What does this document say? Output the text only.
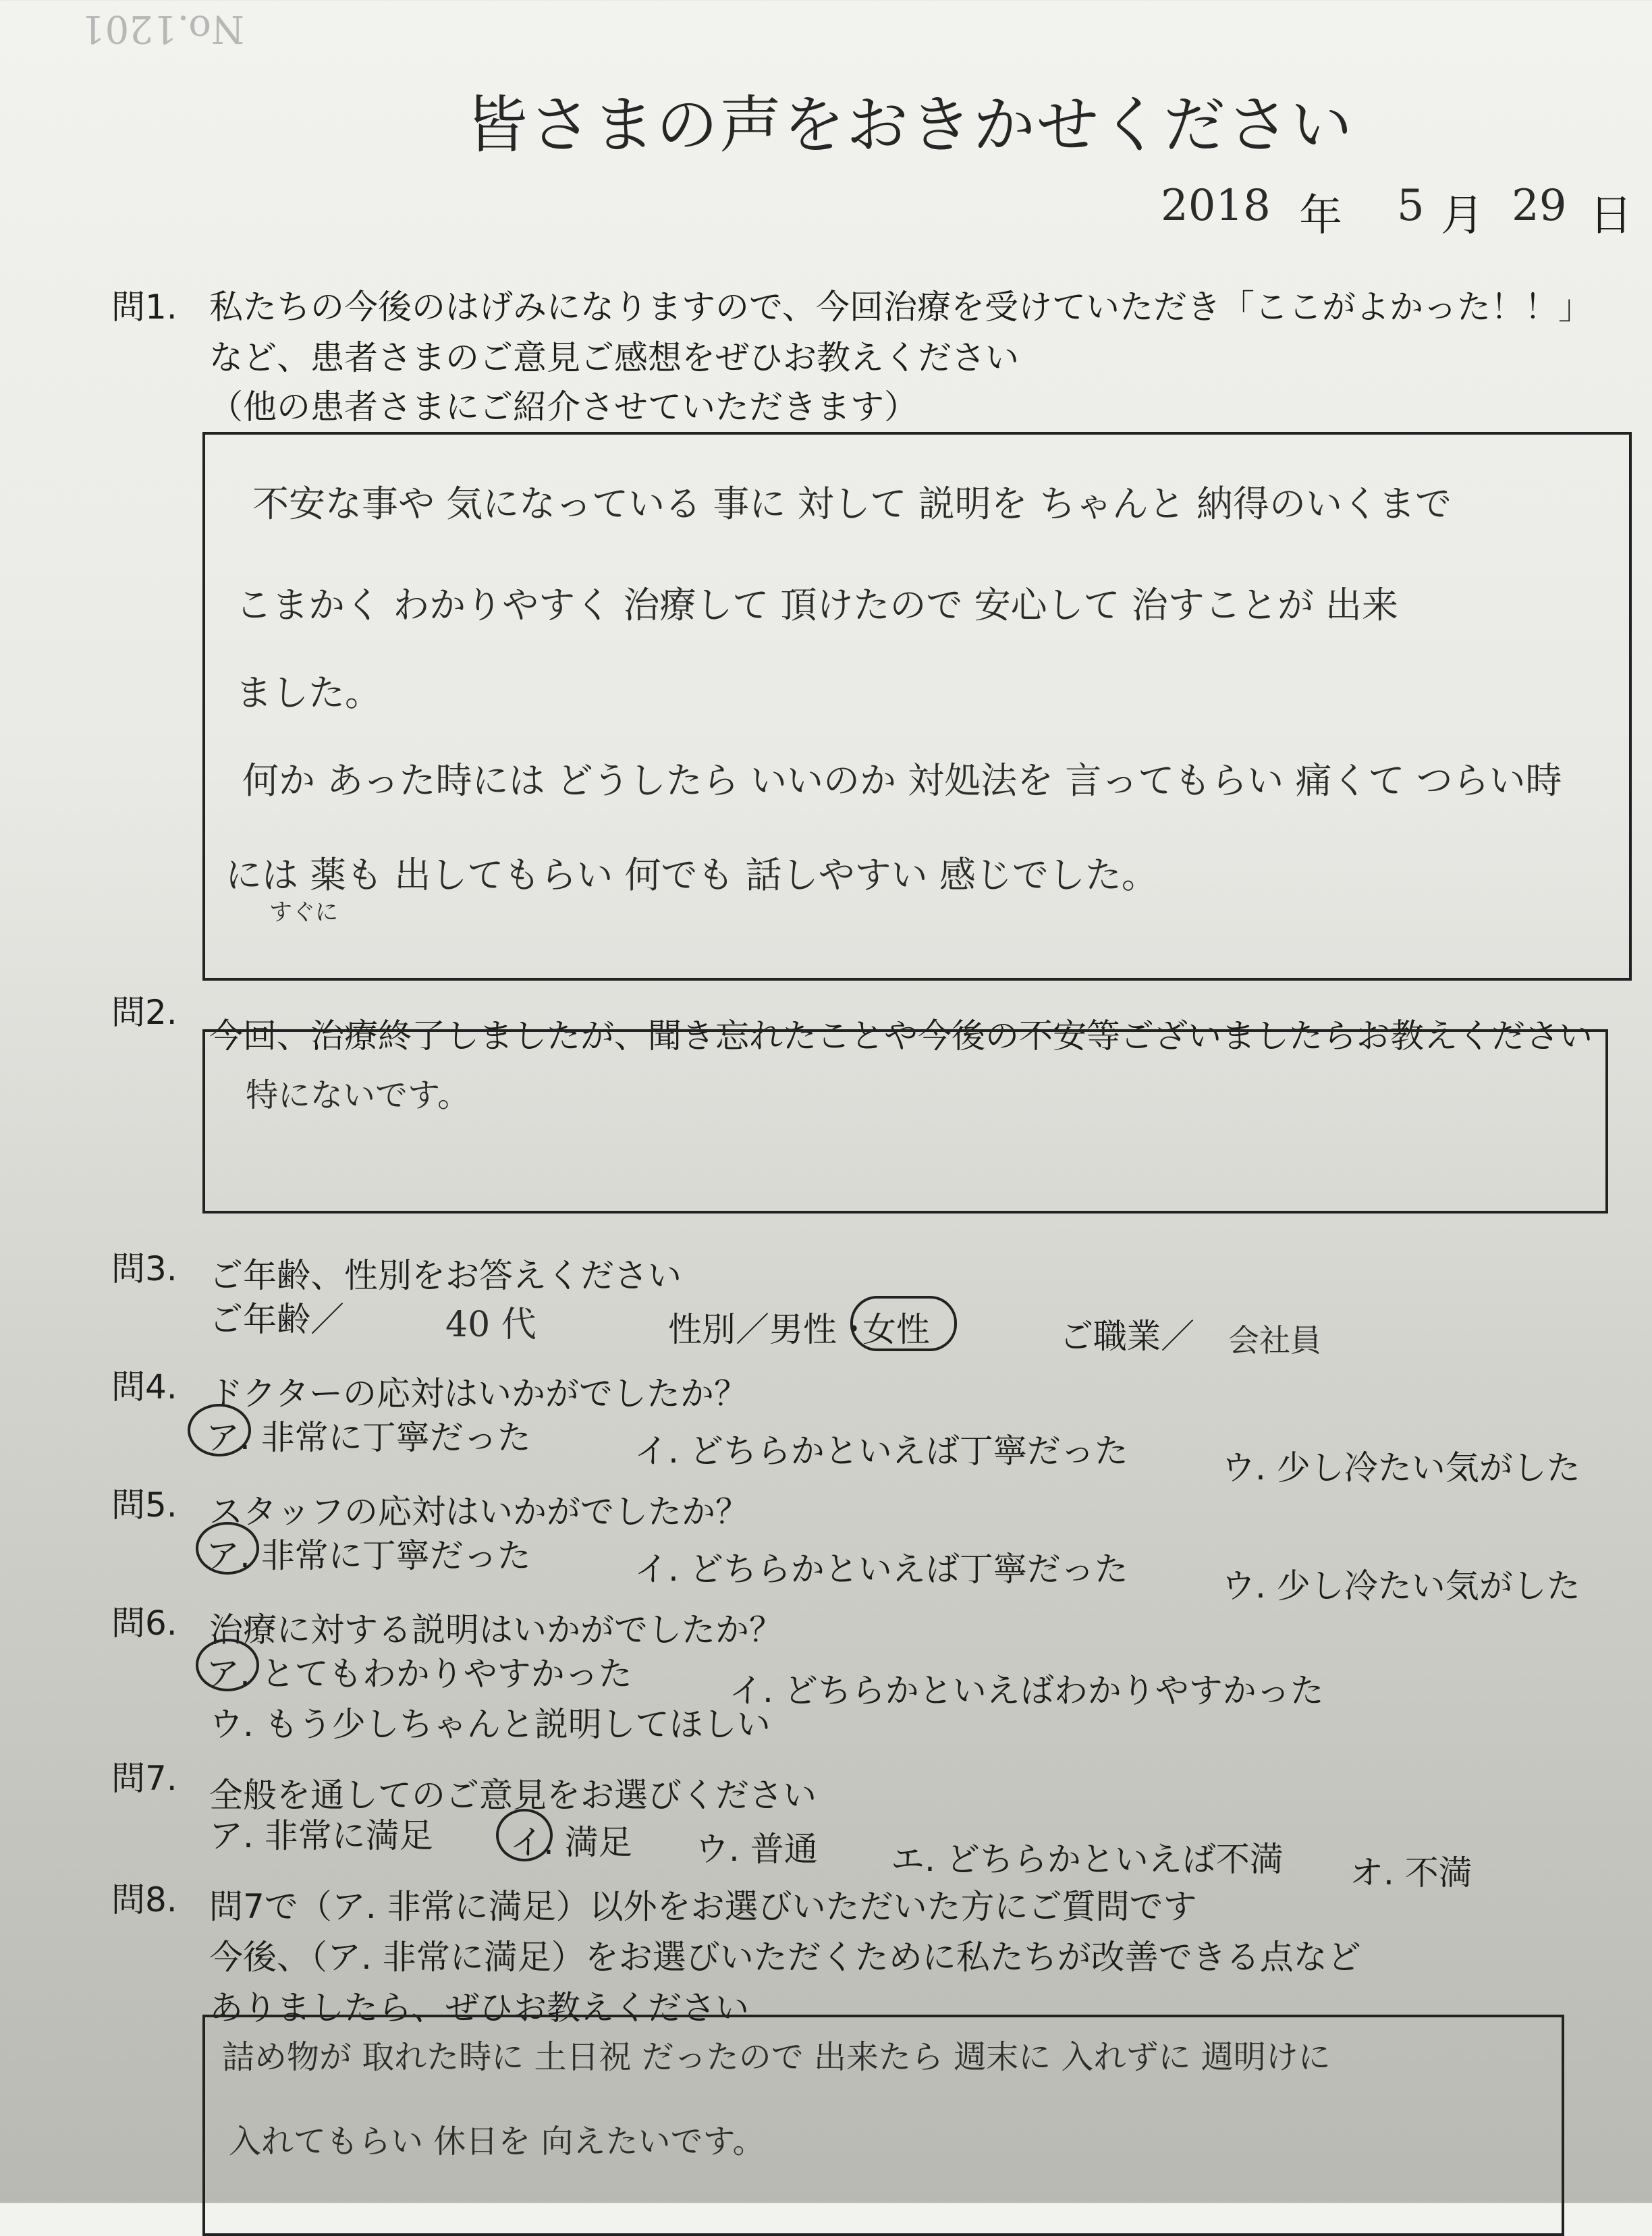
No.1201
皆さまの声をおきかせください
2018 年 5 月 29 日
問1. 私たちの今後のはげみになりますので、今回治療を受けていただき「ここがよかった！！」
など、患者さまのご意見ご感想をぜひお教えください
（他の患者さまにご紹介させていただきます）
不安な事や 気になっている 事に 対して 説明を ちゃんと 納得のいくまで
こまかく わかりやすく 治療して 頂けたので 安心して 治すことが 出来
ました。
何か あった時には どうしたら いいのか 対処法を 言ってもらい 痛くて つらい時
には 薬も 出してもらい 何でも 話しやすい 感じでした。
すぐに
問2.
今回、治療終了しましたが、聞き忘れたことや今後の不安等ございましたらお教えください
特にないです。
問3. ご年齢、性別をお答えください
ご年齢／	40 代	性別／男性・
女性	ご職業／ 会社員
問4. ドクターの応対はいかがでしたか？
ア. 非常に丁寧だった	イ. どちらかといえば丁寧だった	ウ. 少し冷たい気がした
問5. スタッフの応対はいかがでしたか？
ア. 非常に丁寧だった	イ. どちらかといえば丁寧だった	ウ. 少し冷たい気がした
問6. 治療に対する説明はいかがでしたか？
ア. とてもわかりやすかった	イ. どちらかといえばわかりやすかった
ウ. もう少しちゃんと説明してほしい
問7. 全般を通してのご意見をお選びください
ア. 非常に満足 イ. 満足 ウ. 普通 エ. どちらかといえば不満 オ. 不満
問8. 問7で（ア. 非常に満足）以外をお選びいただいた方にご質問です
今後、（ア. 非常に満足）をお選びいただくために私たちが改善できる点など
ありましたら、ぜひお教えください
詰め物が 取れた時に 土日祝 だったので 出来たら 週末に 入れずに 週明けに
入れてもらい 休日を 向えたいです。
